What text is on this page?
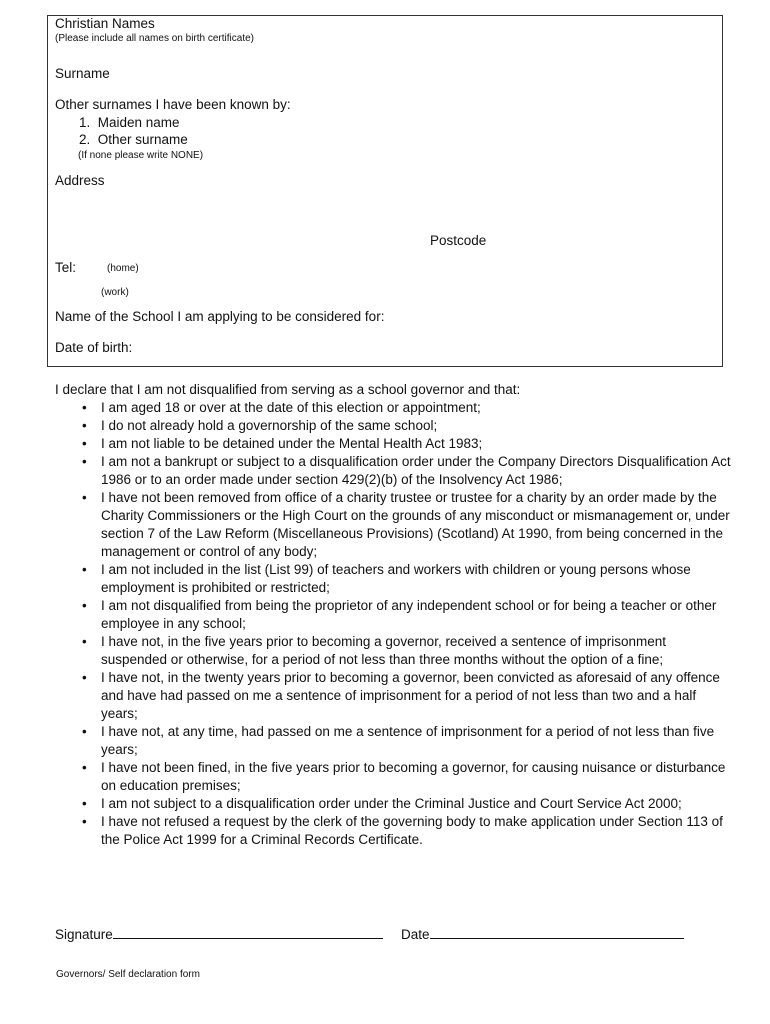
Christian Names
(Please include all names on birth certificate)
Surname
Other surnames I have been known by:
1.  Maiden name
2.  Other surname
(If none please write NONE)
Address
Postcode
Tel:	(home)
(work)
Name of the School I am applying to be considered for:
Date of birth:

I declare that I am not disqualified from serving as a school governor and that:

• I am aged 18 or over at the date of this election or appointment;
• I do not already hold a governorship of the same school;
• I am not liable to be detained under the Mental Health Act 1983;
• I am not a bankrupt or subject to a disqualification order under the Company Directors Disqualification Act 1986 or to an order made under section 429(2)(b) of the Insolvency Act 1986;
• I have not been removed from office of a charity trustee or trustee for a charity by an order made by the Charity Commissioners or the High Court on the grounds of any misconduct or mismanagement or, under section 7 of the Law Reform (Miscellaneous Provisions) (Scotland) At 1990, from being concerned in the management or control of any body;
• I am not included in the list (List 99) of teachers and workers with children or young persons whose employment is prohibited or restricted;
• I am not disqualified from being the proprietor of any independent school or for being a teacher or other employee in any school;
• I have not, in the five years prior to becoming a governor, received a sentence of imprisonment suspended or otherwise, for a period of not less than three months without the option of a fine;
• I have not, in the twenty years prior to becoming a governor, been convicted as aforesaid of any offence and have had passed on me a sentence of imprisonment for a period of not less than two and a half years;
• I have not, at any time, had passed on me a sentence of imprisonment for a period of not less than five years;
• I have not been fined, in the five years prior to becoming a governor, for causing nuisance or disturbance on education premises;
• I am not subject to a disqualification order under the Criminal Justice and Court Service Act 2000;
• I have not refused a request by the clerk of the governing body to make application under Section 113 of the Police Act 1999 for a Criminal Records Certificate.
Signature	Date
Governors/ Self declaration form
